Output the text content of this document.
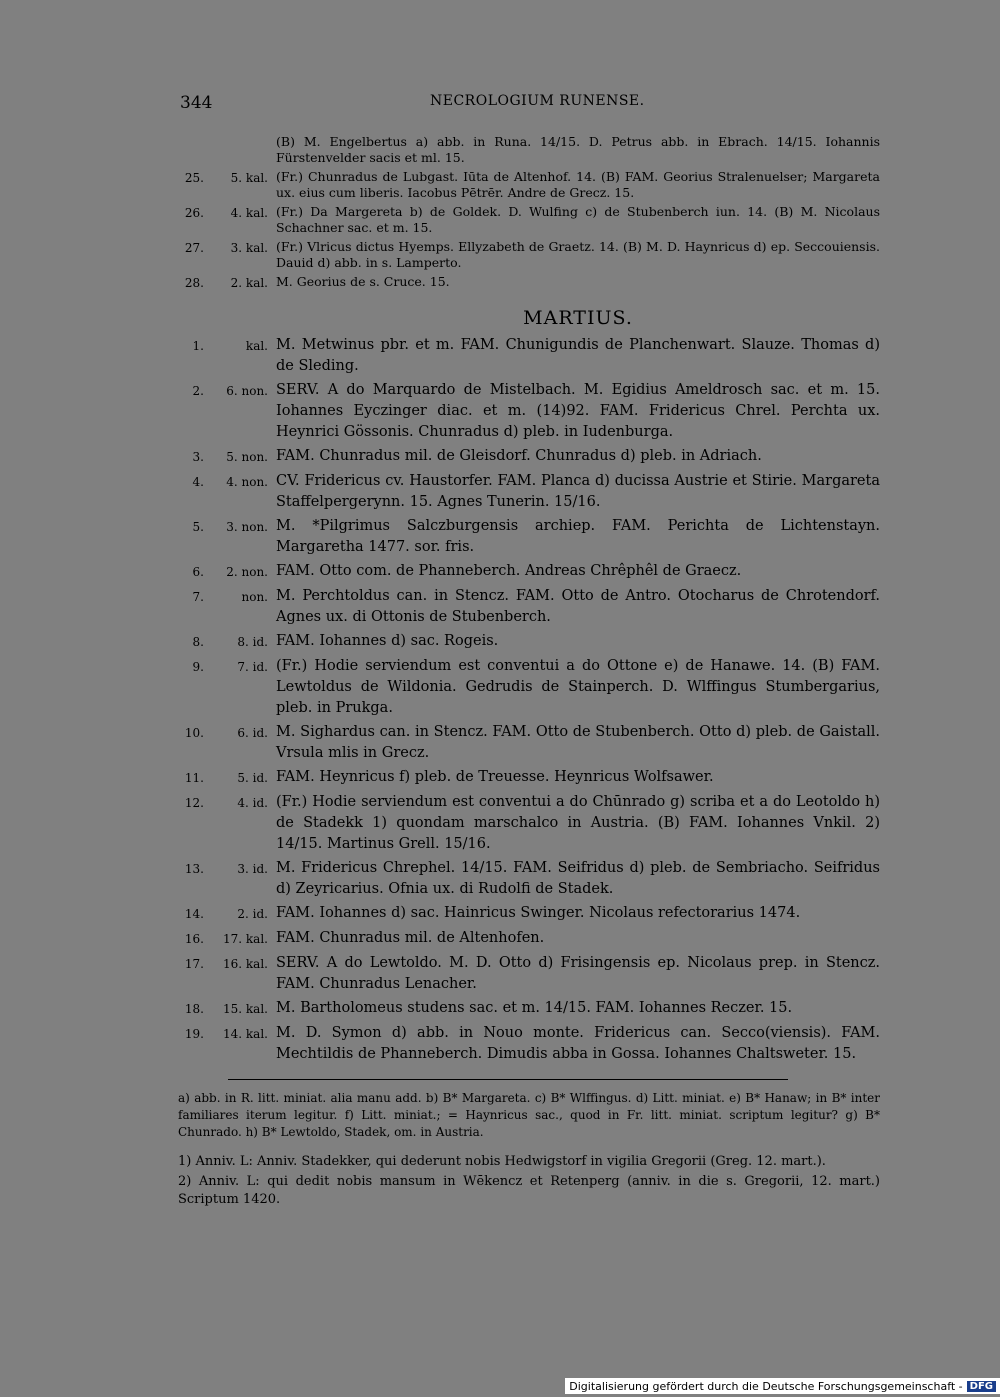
344	NECROLOGIUM RUNENSE.
(B) M. Engelbertus a) abb. in Runa. 14/15. D. Petrus abb. in Ebrach. 14/15. Iohannis Fürstenvelder sacis et ml. 15.
25.	5. kal. (Fr.) Chunradus de Lubgast. Iūta de Altenhof. 14. (B) FAM. Georius Stralenuelser; Margareta ux. eius cum liberis. Iacobus Pētrēr. Andre de Grecz. 15.
26.	4. kal. (Fr.) Da Margereta b) de Goldek. D. Wulfing c) de Stubenberch iun. 14. (B) M. Nicolaus Schachner sac. et m. 15.
27.	3. kal. (Fr.) Vlricus dictus Hyemps. Ellyzabeth de Graetz. 14. (B) M. D. Haynricus d) ep. Seccouiensis. Dauid d) abb. in s. Lamperto.
28.	2. kal. M. Georius de s. Cruce. 15.
MARTIUS.
1.	kal. M. Metwinus pbr. et m. FAM. Chunigundis de Planchenwart. Slauze. Thomas d) de Sleding.
2.	6. non. SERV. A do Marquardo de Mistelbach. M. Egidius Ameldrosch sac. et m. 15. Iohannes Eyczinger diac. et m. (14)92. FAM. Fridericus Chrel. Perchta ux. Heynrici Gössonis. Chunradus d) pleb. in Iudenburga.
3.	5. non. FAM. Chunradus mil. de Gleisdorf. Chunradus d) pleb. in Adriach.
4.	4. non. CV. Fridericus cv. Haustorfer. FAM. Planca d) ducissa Austrie et Stirie. Margareta Staffelpergerynn. 15. Agnes Tunerin. 15/16.
5.	3. non. M. *Pilgrimus Salczburgensis archiep. FAM. Perichta de Lichtenstayn. Margaretha 1477. sor. fris.
6.	2. non. FAM. Otto com. de Phanneberch. Andreas Chrêphêl de Graecz.
7.	non. M. Perchtoldus can. in Stencz. FAM. Otto de Antro. Otocharus de Chrotendorf. Agnes ux. di Ottonis de Stubenberch.
8.	8. id. FAM. Iohannes d) sac. Rogeis.
9.	7. id. (Fr.) Hodie serviendum est conventui a do Ottone e) de Hanawe. 14. (B) FAM. Lewtoldus de Wildonia. Gedrudis de Stainperch. D. Wlffingus Stumbergarius, pleb. in Prukga.
10.	6. id. M. Sighardus can. in Stencz. FAM. Otto de Stubenberch. Otto d) pleb. de Gaistall. Vrsula mlis in Grecz.
11.	5. id. FAM. Heynricus f) pleb. de Treuesse. Heynricus Wolfsawer.
12.	4. id. (Fr.) Hodie serviendum est conventui a do Chūnrado g) scriba et a do Leotoldo h) de Stadekk 1) quondam marschalco in Austria. (B) FAM. Iohannes Vnkil. 2) 14/15. Martinus Grell. 15/16.
13.	3. id. M. Fridericus Chrephel. 14/15. FAM. Seifridus d) pleb. de Sembriacho. Seifridus d) Zeyricarius. Ofnia ux. di Rudolfi de Stadek.
14.	2. id. FAM. Iohannes d) sac. Hainricus Swinger. Nicolaus refectorarius 1474.
16.	17. kal. FAM. Chunradus mil. de Altenhofen.
17.	16. kal. SERV. A do Lewtoldo. M. D. Otto d) Frisingensis ep. Nicolaus prep. in Stencz. FAM. Chunradus Lenacher.
18.	15. kal. M. Bartholomeus studens sac. et m. 14/15. FAM. Iohannes Reczer. 15.
19.	14. kal. M. D. Symon d) abb. in Nouo monte. Fridericus can. Secco(viensis). FAM. Mechtildis de Phanneberch. Dimudis abba in Gossa. Iohannes Chaltsweter. 15.
a) abb. in R. litt. miniat. alia manu add. b) B* Margareta. c) B* Wlffingus. d) Litt. miniat. e) B* Hanaw; in B* inter familiares iterum legitur. f) Litt. miniat.; = Haynricus sac., quod in Fr. litt. miniat. scriptum legitur? g) B* Chunrado. h) B* Lewtoldo, Stadek, om. in Austria.
1) Anniv. L: Anniv. Stadekker, qui dederunt nobis Hedwigstorf in vigilia Gregorii (Greg. 12. mart.).
2) Anniv. L: qui dedit nobis mansum in Wēkencz et Retenperg (anniv. in die s. Gregorii, 12. mart.) Scriptum 1420.
Digitalisierung gefördert durch die Deutsche Forschungsgemeinschaft - DFG
